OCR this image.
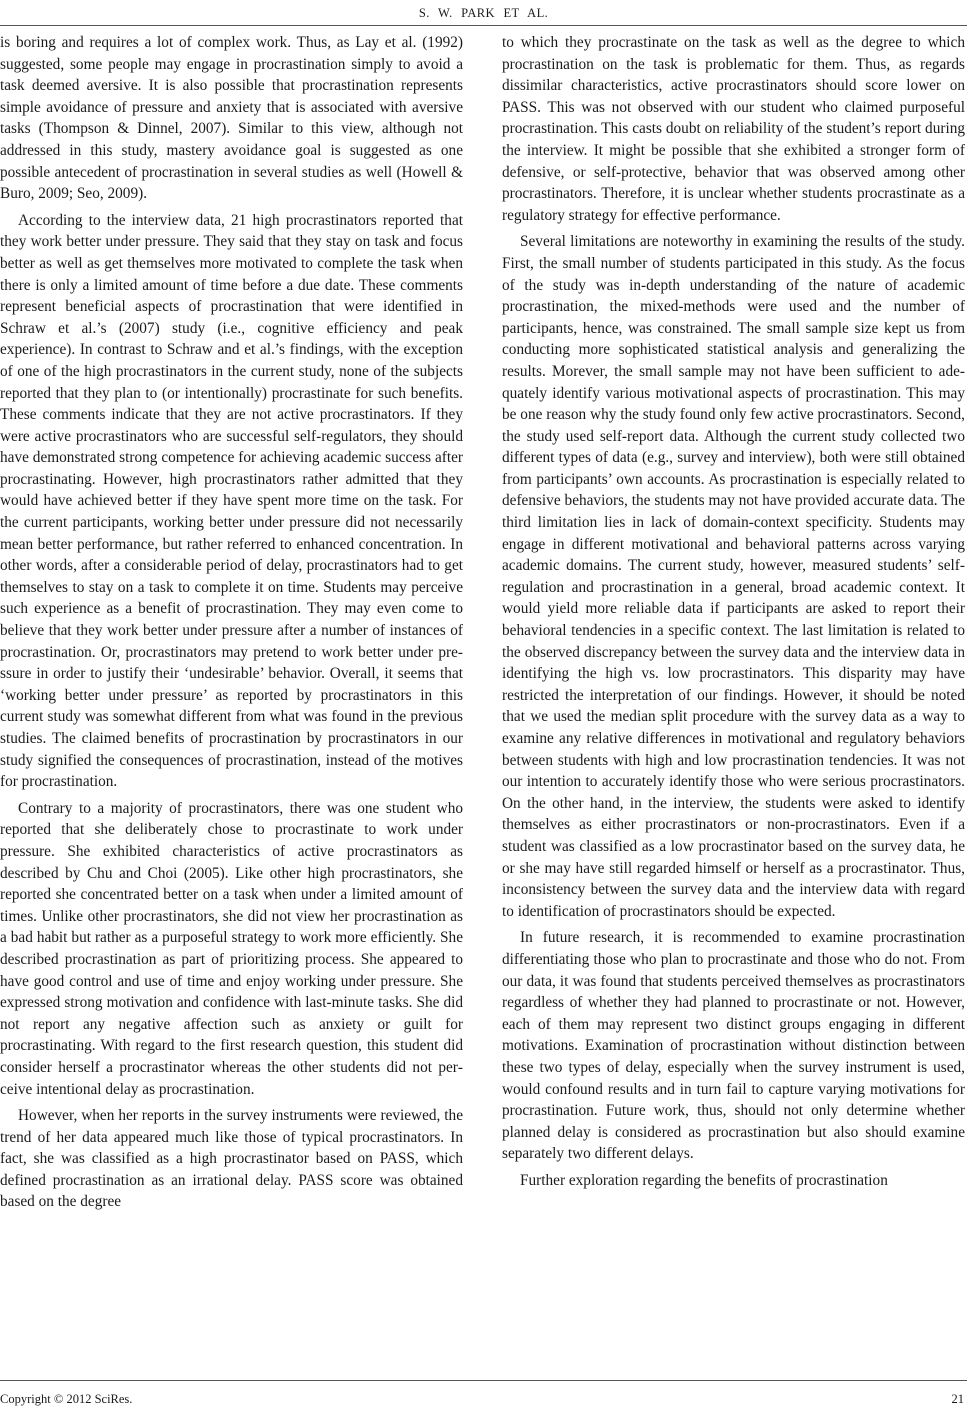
S. W. PARK ET AL.

is boring and requires a lot of complex work. Thus, as Lay et al. (1992) suggested, some people may engage in procrastination simply to avoid a task deemed aversive. It is also possible that procrastination represents simple avoidance of pressure and anxiety that is associated with aversive tasks (Thompson & Dinnel, 2007). Similar to this view, although not addressed in this study, mastery avoidance goal is suggested as one possible antecedent of procrastination in several studies as well (Howell & Buro, 2009; Seo, 2009).

According to the interview data, 21 high procrastinators reported that they work better under pressure. They said that they stay on task and focus better as well as get themselves more motivated to complete the task when there is only a limited amount of time before a due date. These comments represent beneficial aspects of procrastination that were identified in Schraw et al.’s (2007) study (i.e., cognitive efficiency and peak experience). In contrast to Schraw and et al.’s findings, with the exception of one of the high procrastinators in the current study, none of the subjects reported that they plan to (or intentionally) procrastinate for such benefits. These comments indicate that they are not active procrastinators. If they were active procrastinators who are successful self-regulators, they should have demonstrated strong competence for achieving academic success after procrastinating. However, high procrastinators rather admitted that they would have achieved better if they have spent more time on the task. For the current participants, working better under pressure did not necessarily mean better performance, but rather referred to enhanced concentration. In other words, after a considerable period of delay, procrastinators had to get themselves to stay on a task to complete it on time. Students may perceive such experience as a benefit of procrastination. They may even come to believe that they work better under pressure after a number of instances of procrastination. Or, procrastinators may pretend to work better under pressure in order to justify their ‘undesirable’ behavior. Overall, it seems that ‘working better under pressure’ as reported by procrastinators in this current study was somewhat different from what was found in the previous studies. The claimed benefits of procrastination by procrastinators in our study signified the consequences of procrastination, instead of the motives for procrastination.

Contrary to a majority of procrastinators, there was one student who reported that she deliberately chose to procrastinate to work under pressure. She exhibited characteristics of active procrastinators as described by Chu and Choi (2005). Like other high procrastinators, she reported she concentrated better on a task when under a limited amount of times. Unlike other procrastinators, she did not view her procrastination as a bad habit but rather as a purposeful strategy to work more efficiently. She described procrastination as part of prioritizing process. She appeared to have good control and use of time and enjoy working under pressure. She expressed strong motivation and confidence with last-minute tasks. She did not report any negative affection such as anxiety or guilt for procrastinating. With regard to the first research question, this student did consider herself a procrastinator whereas the other students did not perceive intentional delay as procrastination.

However, when her reports in the survey instruments were reviewed, the trend of her data appeared much like those of typical procrastinators. In fact, she was classified as a high procrastinator based on PASS, which defined procrastination as an irrational delay. PASS score was obtained based on the degree

to which they procrastinate on the task as well as the degree to which procrastination on the task is problematic for them. Thus, as regards dissimilar characteristics, active procrastinators should score lower on PASS. This was not observed with our student who claimed purposeful procrastination. This casts doubt on reliability of the student’s report during the interview. It might be possible that she exhibited a stronger form of defensive, or self-protective, behavior that was observed among other procrastinators. Therefore, it is unclear whether students procrastinate as a regulatory strategy for effective performance.

Several limitations are noteworthy in examining the results of the study. First, the small number of students participated in this study. As the focus of the study was in-depth understanding of the nature of academic procrastination, the mixed-methods were used and the number of participants, hence, was constrained. The small sample size kept us from conducting more sophisticated statistical analysis and generalizing the results. Morever, the small sample may not have been sufficient to adequately identify various motivational aspects of procrastination. This may be one reason why the study found only few active procrastinators. Second, the study used self-report data. Although the current study collected two different types of data (e.g., survey and interview), both were still obtained from participants’ own accounts. As procrastination is especially related to defensive behaviors, the students may not have provided accurate data. The third limitation lies in lack of domain-context specificity. Students may engage in different motivational and behavioral patterns across varying academic domains. The current study, however, measured students’ self-regulation and procrastination in a general, broad academic context. It would yield more reliable data if participants are asked to report their behavioral tendencies in a specific context. The last limitation is related to the observed discrepancy between the survey data and the interview data in identifying the high vs. low procrastinators. This disparity may have restricted the interpretation of our findings. However, it should be noted that we used the median split procedure with the survey data as a way to examine any relative differences in motivational and regulatory behaviors between students with high and low procrastination tendencies. It was not our intention to accurately identify those who were serious procrastinators. On the other hand, in the interview, the students were asked to identify themselves as either procrastinators or non-procrastinators. Even if a student was classified as a low procrastinator based on the survey data, he or she may have still regarded himself or herself as a procrastinator. Thus, inconsistency between the survey data and the interview data with regard to identification of procrastinators should be expected.

In future research, it is recommended to examine procrastination differentiating those who plan to procrastinate and those who do not. From our data, it was found that students perceived themselves as procrastinators regardless of whether they had planned to procrastinate or not. However, each of them may represent two distinct groups engaging in different motivations. Examination of procrastination without distinction between these two types of delay, especially when the survey instrument is used, would confound results and in turn fail to capture varying motivations for procrastination. Future work, thus, should not only determine whether planned delay is considered as procrastination but also should examine separately two different delays.

Further exploration regarding the benefits of procrastination

Copyright © 2012 SciRes.	21
